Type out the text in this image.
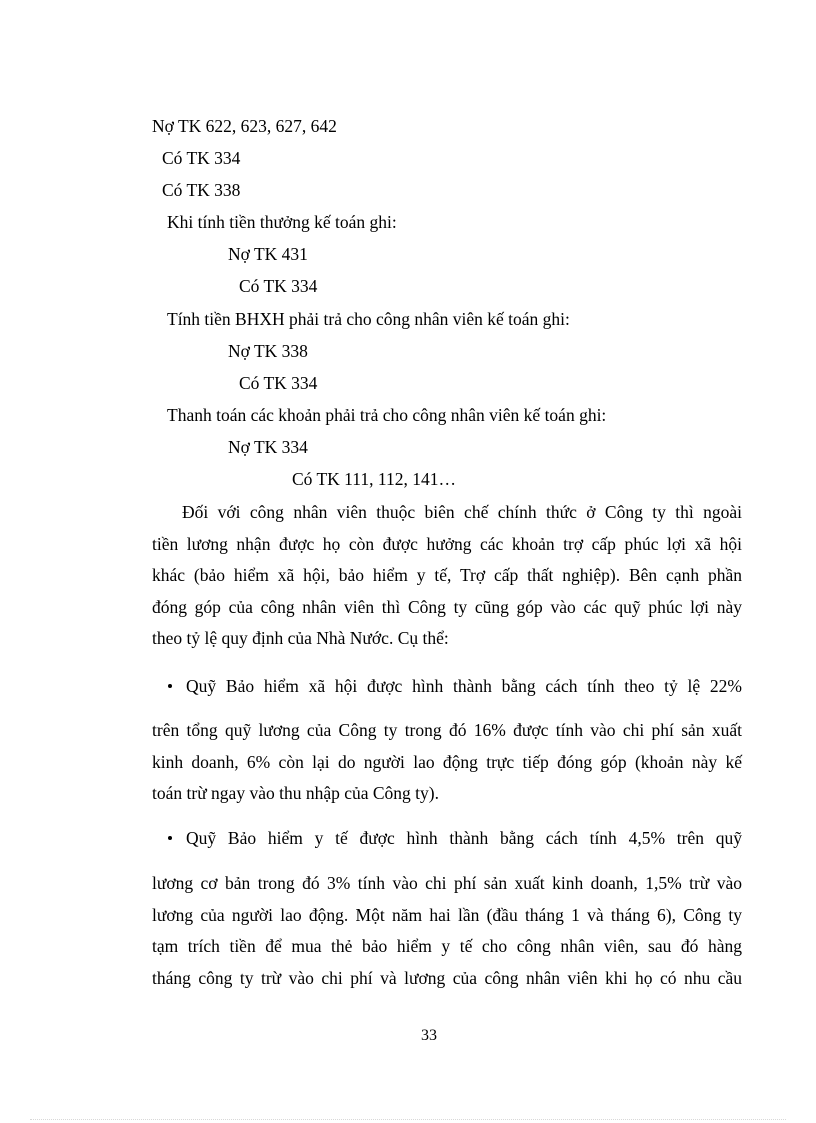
Nợ TK 622, 623, 627, 642
Có TK 334
Có TK 338
Khi tính tiền thưởng kế toán ghi:
Nợ TK 431
Có TK 334
Tính tiền BHXH phải trả cho công nhân viên kế toán ghi:
Nợ TK 338
Có TK 334
Thanh toán các khoản phải trả cho công nhân viên kế toán ghi:
Nợ TK 334
Có TK 111, 112, 141…
Đối với công nhân viên thuộc biên chế chính thức ở Công ty thì ngoài
tiền lương nhận được họ còn được hưởng các khoản trợ cấp phúc lợi xã hội
khác (bảo hiểm xã hội, bảo hiểm y tế, Trợ cấp thất nghiệp). Bên cạnh phần
đóng góp của công nhân viên thì Công ty cũng góp vào các quỹ phúc lợi này
theo tỷ lệ quy định của Nhà Nước. Cụ thể:
Quỹ Bảo hiểm xã hội được hình thành bằng cách tính theo tỷ lệ 22%
trên tổng quỹ lương của Công ty trong đó 16% được tính vào chi phí sản xuất
kinh doanh, 6% còn lại do người lao động trực tiếp đóng góp (khoản này kế
toán trừ ngay vào thu nhập của Công ty).
Quỹ Bảo hiểm y tế được hình thành bằng cách tính 4,5% trên quỹ
lương cơ bản trong đó 3% tính vào chi phí sản xuất kinh doanh, 1,5% trừ vào
lương của người lao động. Một năm hai lần (đầu tháng 1 và tháng 6), Công ty
tạm trích tiền để mua thẻ bảo hiểm y tế cho công nhân viên, sau đó hàng
tháng công ty trừ vào chi phí và lương của công nhân viên khi họ có nhu cầu
33
